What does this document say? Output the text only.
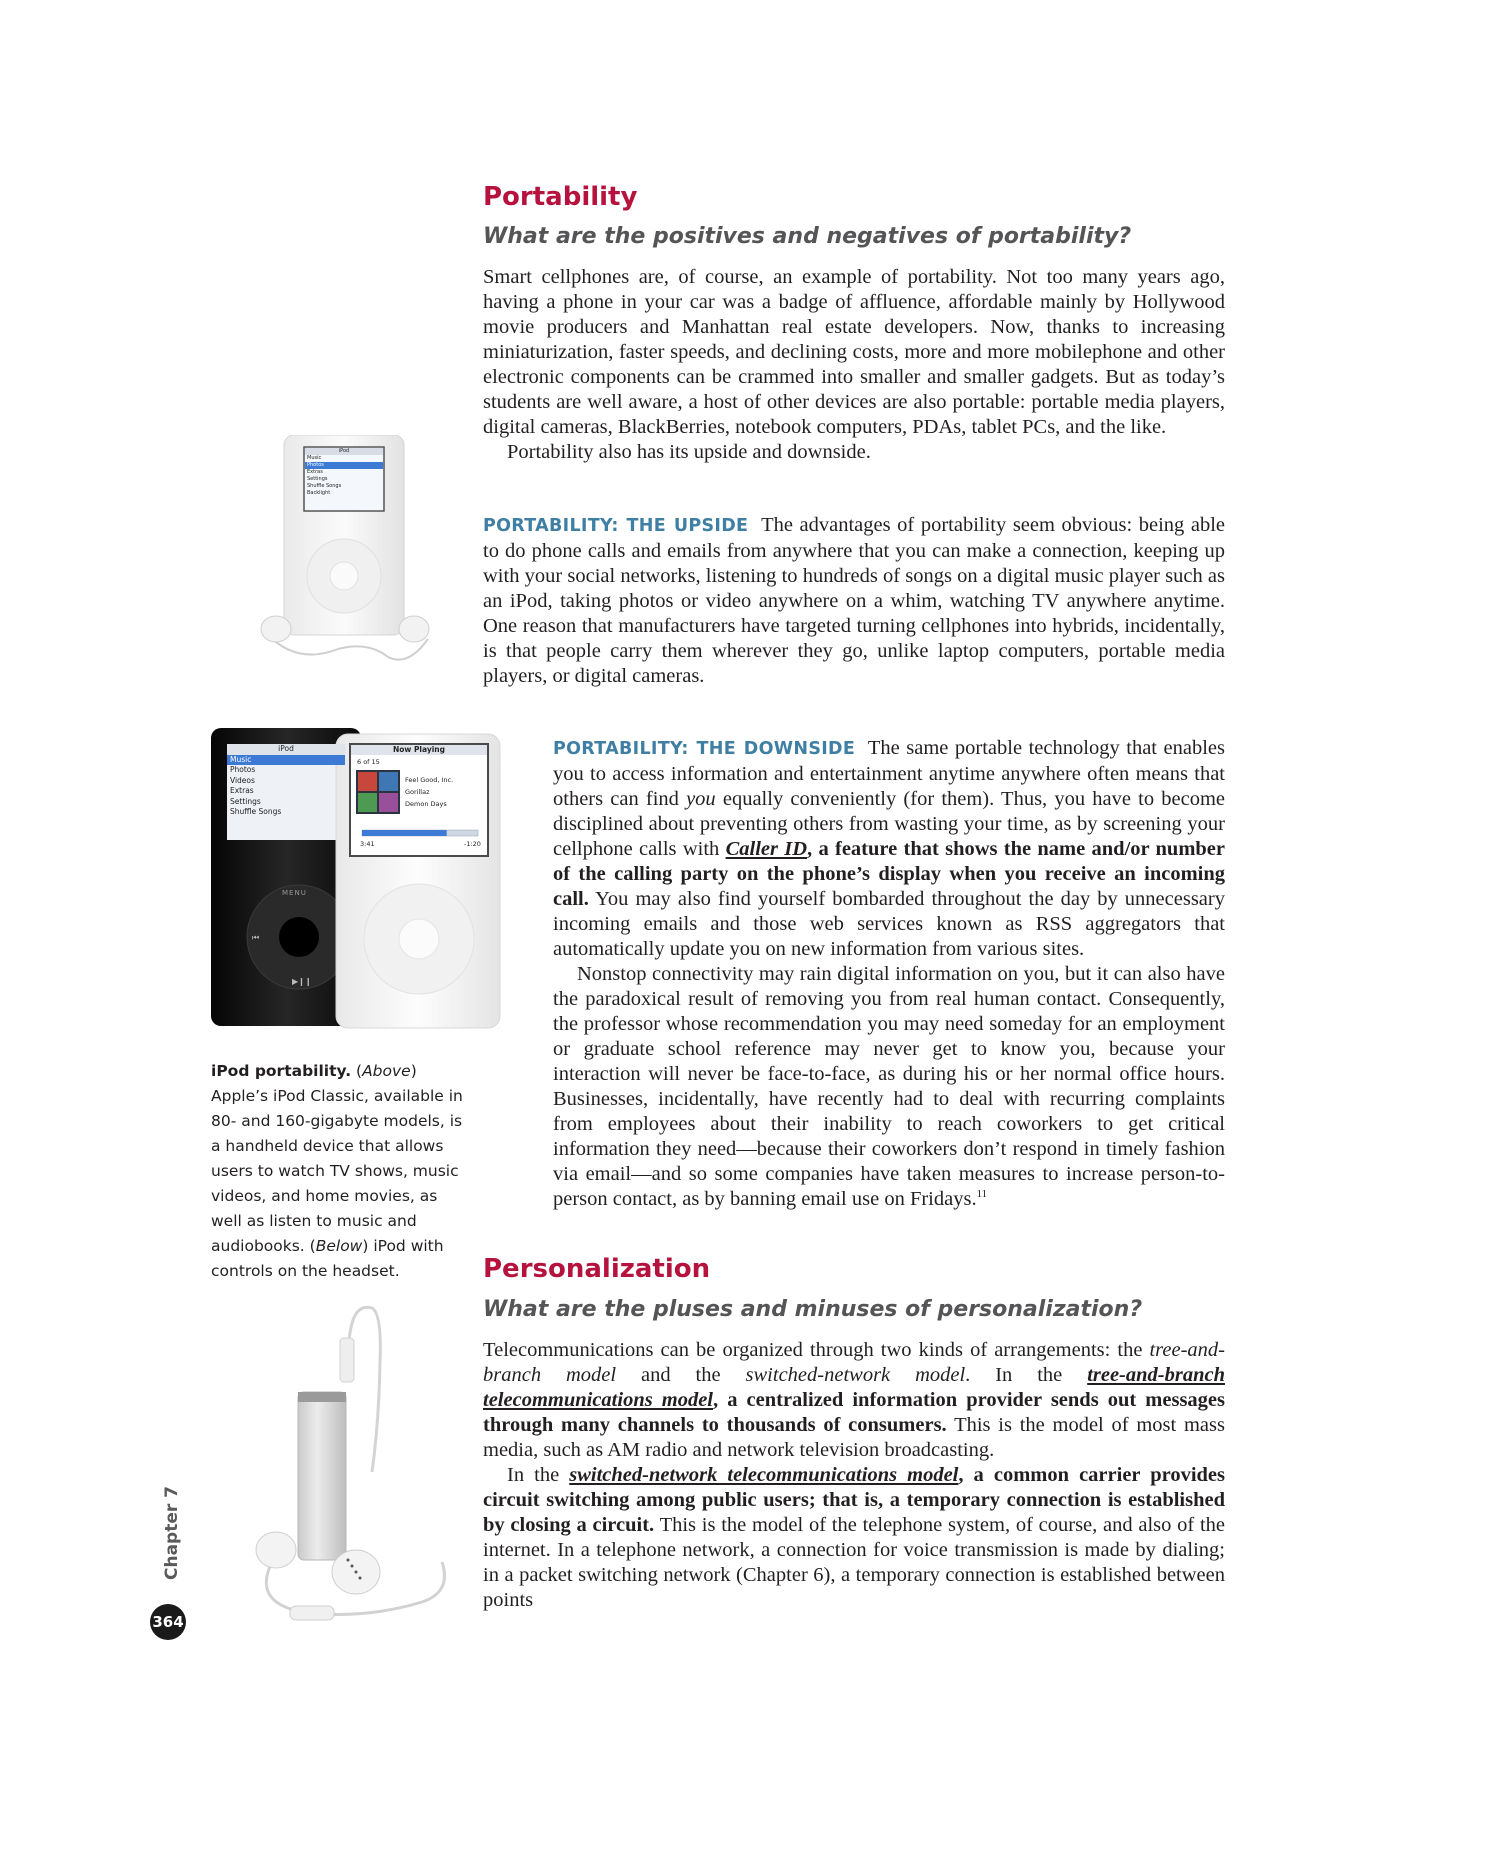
Portability
What are the positives and negatives of portability?

Smart cellphones are, of course, an example of portability. Not too many years ago, having a phone in your car was a badge of affluence, affordable mainly by Hollywood movie producers and Manhattan real estate developers. Now, thanks to increasing miniaturization, faster speeds, and declining costs, more and more mobilephone and other electronic components can be crammed into smaller and smaller gadgets. But as today’s students are well aware, a host of other devices are also portable: portable media players, digital cameras, BlackBerries, notebook computers, PDAs, tablet PCs, and the like.

Portability also has its upside and downside.

PORTABILITY: THE UPSIDE The advantages of portability seem obvious: being able to do phone calls and emails from anywhere that you can make a connection, keeping up with your social networks, listening to hundreds of songs on a digital music player such as an iPod, taking photos or video anywhere on a whim, watching TV anywhere anytime. One reason that manufacturers have targeted turning cellphones into hybrids, incidentally, is that people carry them wherever they go, unlike laptop computers, portable media players, or digital cameras.

PORTABILITY: THE DOWNSIDE The same portable technology that enables you to access information and entertainment anytime anywhere often means that others can find you equally conveniently (for them). Thus, you have to become disciplined about preventing others from wasting your time, as by screening your cellphone calls with Caller ID, a feature that shows the name and/or number of the calling party on the phone’s display when you receive an incoming call. You may also find yourself bombarded throughout the day by unnecessary incoming emails and those web services known as RSS aggregators that automatically update you on new information from various sites.

Nonstop connectivity may rain digital information on you, but it can also have the paradoxical result of removing you from real human contact. Consequently, the professor whose recommendation you may need someday for an employment or graduate school reference may never get to know you, because your interaction will never be face-to-face, as during his or her normal office hours. Businesses, incidentally, have recently had to deal with recurring complaints from employees about their inability to reach coworkers to get critical information they need—because their coworkers don’t respond in timely fashion via email—and so some companies have taken measures to increase person-to-person contact, as by banning email use on Fridays.$^{11}$

Personalization
What are the pluses and minuses of personalization?

Telecommunications can be organized through two kinds of arrangements: the tree-and-branch model and the switched-network model. In the tree-and-branch telecommunications model, a centralized information provider sends out messages through many channels to thousands of consumers. This is the model of most mass media, such as AM radio and network television broadcasting.

In the switched-network telecommunications model, a common carrier provides circuit switching among public users; that is, a temporary connection is established by closing a circuit. This is the model of the telephone system, of course, and also of the internet. In a telephone network, a connection for voice transmission is made by dialing; in a packet switching network (Chapter 6), a temporary connection is established between points

iPod portability. (Above) Apple’s iPod Classic, available in 80- and 160-gigabyte models, is a handheld device that allows users to watch TV shows, music videos, and home movies, as well as listen to music and audiobooks. (Below) iPod with controls on the headset.

iPod
Music
Photos
Extras
Settings
Shuffle Songs
Backlight
iPod
Music
Photos
Videos
Extras
Settings
Shuffle Songs
MENU
⏮
▶❙❙
Now Playing
6 of 15
Feel Good, Inc.
Gorillaz
Demon Days
3:41	-1:20
Chapter 7
364
